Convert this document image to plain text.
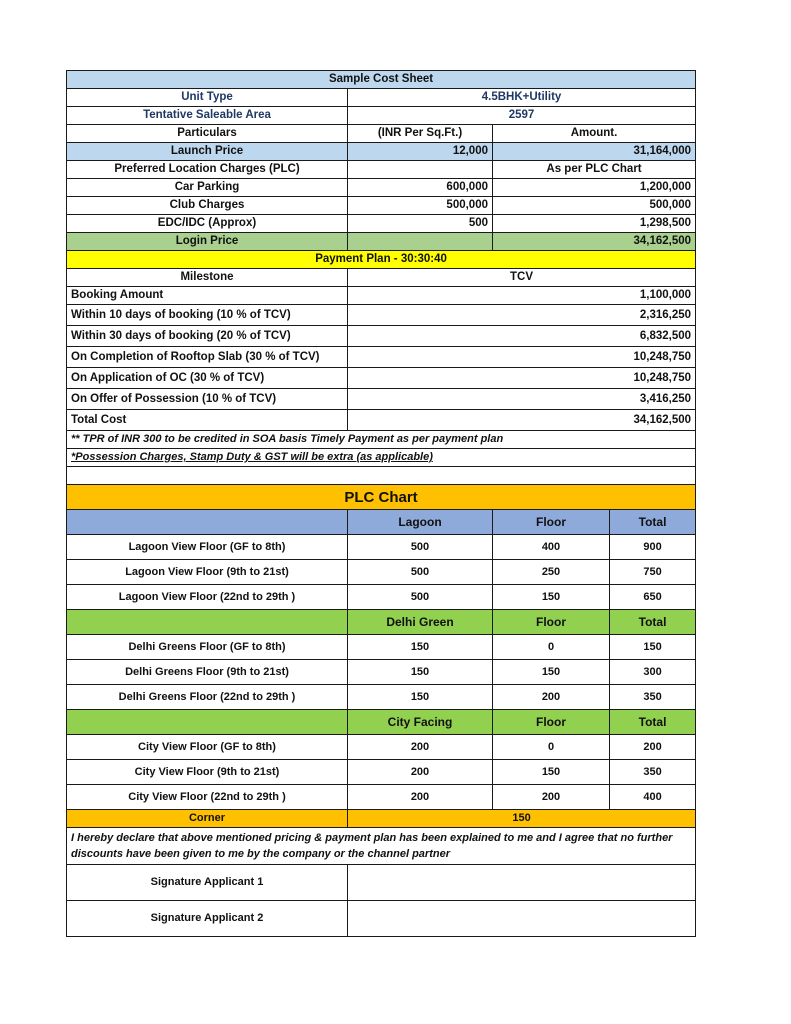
Sample Cost Sheet			
Unit Type	4.5BHK+Utility		
Tentative Saleable Area	2597		
Particulars	(INR Per Sq.Ft.)	Amount.	
Launch Price	12,000	31,164,000	
Preferred Location Charges (PLC)		As per PLC Chart	
Car Parking	600,000	1,200,000	
Club Charges	500,000	500,000	
EDC/IDC (Approx)	500	1,298,500	
Login Price		34,162,500	
Payment Plan - 30:30:40			
Milestone	TCV		
Booking Amount	1,100,000		
Within 10 days of booking (10 % of TCV)	2,316,250		
Within 30 days of booking (20 % of TCV)	6,832,500		
On Completion of Rooftop Slab (30 % of TCV)	10,248,750		
On Application of OC (30 % of TCV)	10,248,750		
On Offer of Possession (10 % of TCV)	3,416,250		
Total Cost	34,162,500		
** TPR of INR 300 to be credited in SOA basis Timely Payment as per payment plan			
*Possession Charges, Stamp Duty & GST will be extra (as applicable)			

PLC Chart			
	Lagoon	Floor	Total
Lagoon View Floor (GF to 8th)	500	400	900
Lagoon View Floor (9th to 21st)	500	250	750
Lagoon View Floor (22nd to 29th )	500	150	650
	Delhi Green	Floor	Total
Delhi Greens Floor (GF to 8th)	150	0	150
Delhi Greens Floor (9th to 21st)	150	150	300
Delhi Greens Floor (22nd to 29th )	150	200	350
	City Facing	Floor	Total
City View Floor (GF to 8th)	200	0	200
City View Floor (9th to 21st)	200	150	350
City View Floor (22nd to 29th )	200	200	400
Corner	150		
I hereby declare that above mentioned pricing & payment plan has been explained to me and I agree that no further discounts have been given to me by the company or the channel partner			
Signature Applicant 1			
Signature Applicant 2			
